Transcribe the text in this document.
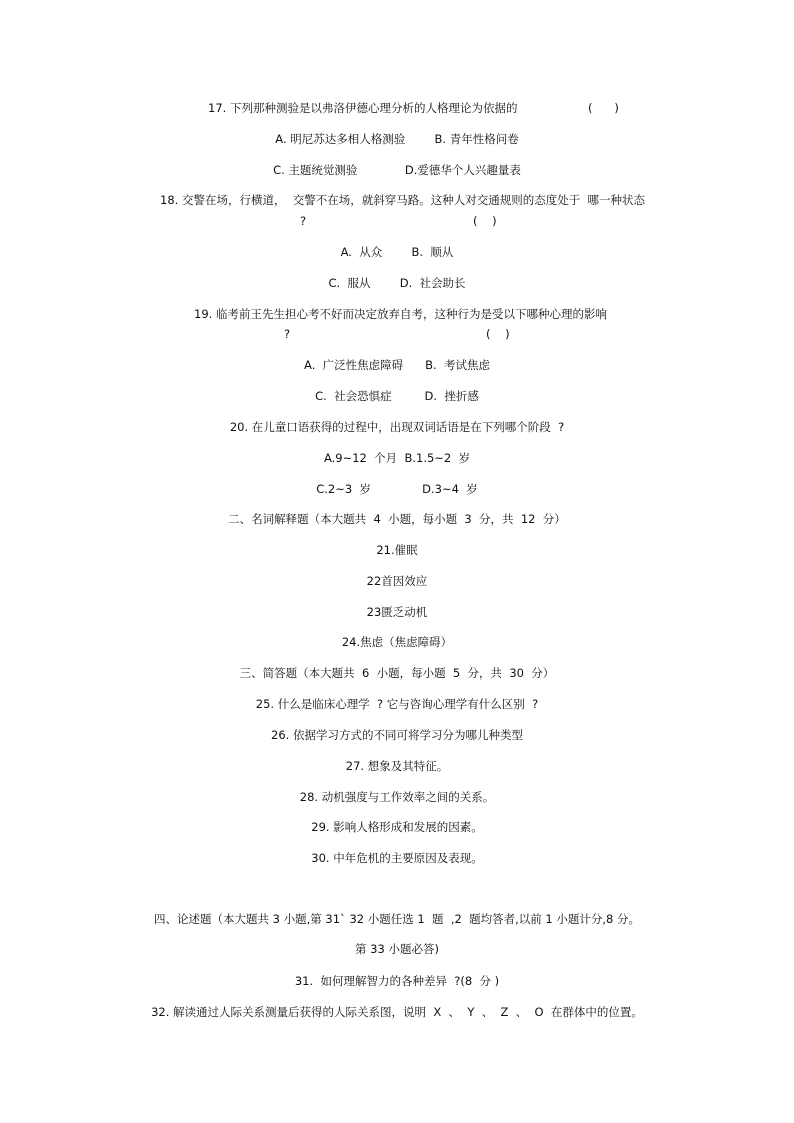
17. 下列那种测验是以弗洛伊德心理分析的人格理论为依据的	(      )
A. 明尼苏达多相人格测验        B. 青年性格问卷
C. 主题统觉测验             D.爱德华个人兴趣量表
18. 交警在场，行横道，  交警不在场，就斜穿马路。这种人对交通规则的态度处于  哪一种状态
?	(    )
A.  从众        B.  顺从
C.  服从        D.  社会助长
19. 临考前王先生担心考不好而决定放弃自考，这种行为是受以下哪种心理的影响
?	(    )
A.  广泛性焦虑障碍      B.  考试焦虑
C.  社会恐惧症         D.  挫折感
20. 在儿童口语获得的过程中，出现双词话语是在下列哪个阶段  ?
A.9~12  个月  B.1.5~2  岁
C.2~3  岁              D.3~4  岁
二、名词解释题（本大题共  4  小题，每小题  3  分，共  12  分）
21.催眠
22首因效应
23匮乏动机
24.焦虑（焦虑障碍）
三、简答题（本大题共  6  小题，每小题  5  分，共  30  分）
25. 什么是临床心理学  ? 它与咨询心理学有什么区别  ?
26. 依据学习方式的不同可将学习分为哪儿种类型
27. 想象及其特征。
28. 动机强度与工作效率之间的关系。
29. 影响人格形成和发展的因素。
30. 中年危机的主要原因及表现。
四、论述题（本大题共 3 小题,第 31` 32 小题任选 1  题  ,2  题均答者,以前 1 小题计分,8 分。
第 33 小题必答)
31.  如何理解智力的各种差异  ?(8  分 )
32. 解读通过人际关系测量后获得的人际关系图，说明  X  、  Y  、  Z  、  O  在群体中的位置。
